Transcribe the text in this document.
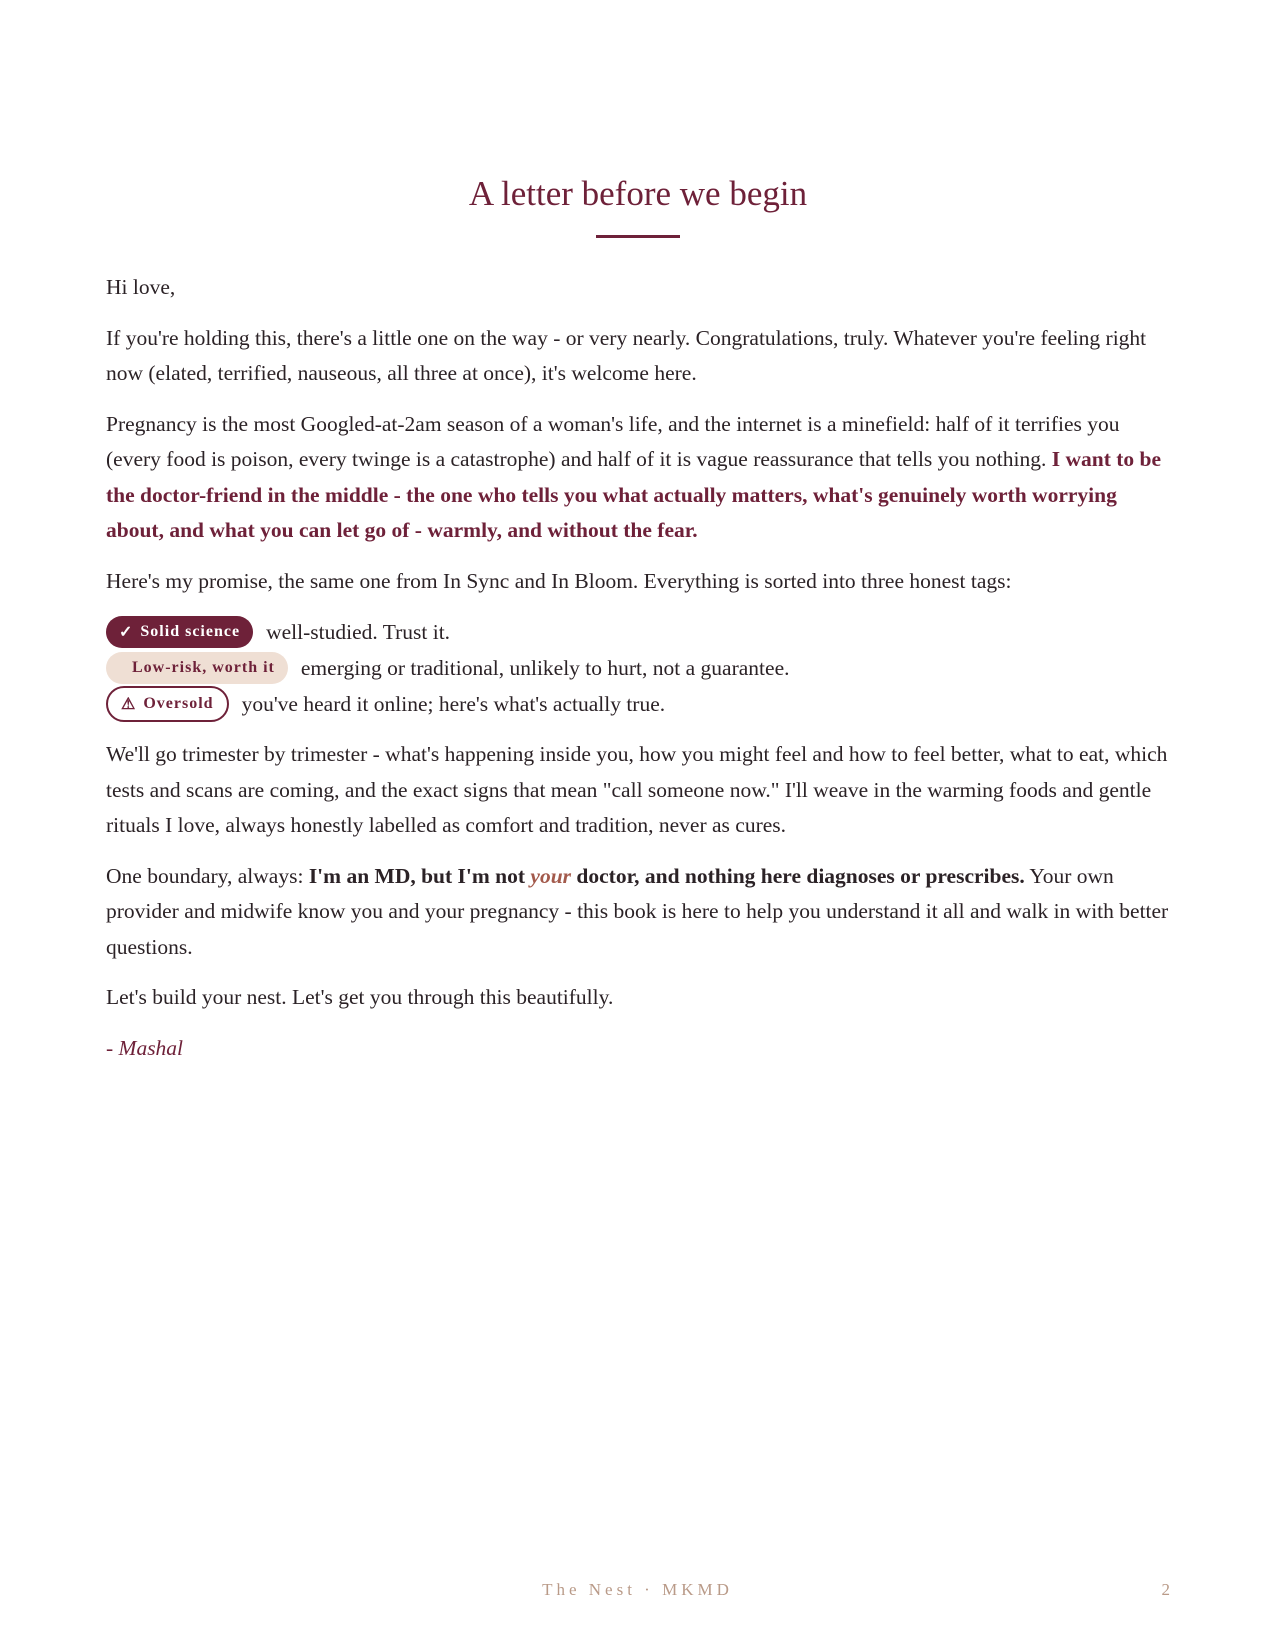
A letter before we begin

Hi love,

If you're holding this, there's a little one on the way - or very nearly. Congratulations, truly. Whatever you're feeling right now (elated, terrified, nauseous, all three at once), it's welcome here.

Pregnancy is the most Googled-at-2am season of a woman's life, and the internet is a minefield: half of it terrifies you (every food is poison, every twinge is a catastrophe) and half of it is vague reassurance that tells you nothing. I want to be the doctor-friend in the middle - the one who tells you what actually matters, what's genuinely worth worrying about, and what you can let go of - warmly, and without the fear.

Here's my promise, the same one from In Sync and In Bloom. Everything is sorted into three honest tags:

✓ Solid science well-studied. Trust it.
Low-risk, worth it emerging or traditional, unlikely to hurt, not a guarantee.
⚠ Oversold you've heard it online; here's what's actually true.

We'll go trimester by trimester - what's happening inside you, how you might feel and how to feel better, what to eat, which tests and scans are coming, and the exact signs that mean "call someone now." I'll weave in the warming foods and gentle rituals I love, always honestly labelled as comfort and tradition, never as cures.

One boundary, always: I'm an MD, but I'm not your doctor, and nothing here diagnoses or prescribes. Your own provider and midwife know you and your pregnancy - this book is here to help you understand it all and walk in with better questions.

Let's build your nest. Let's get you through this beautifully.

- Mashal

The Nest · MKMD	2
